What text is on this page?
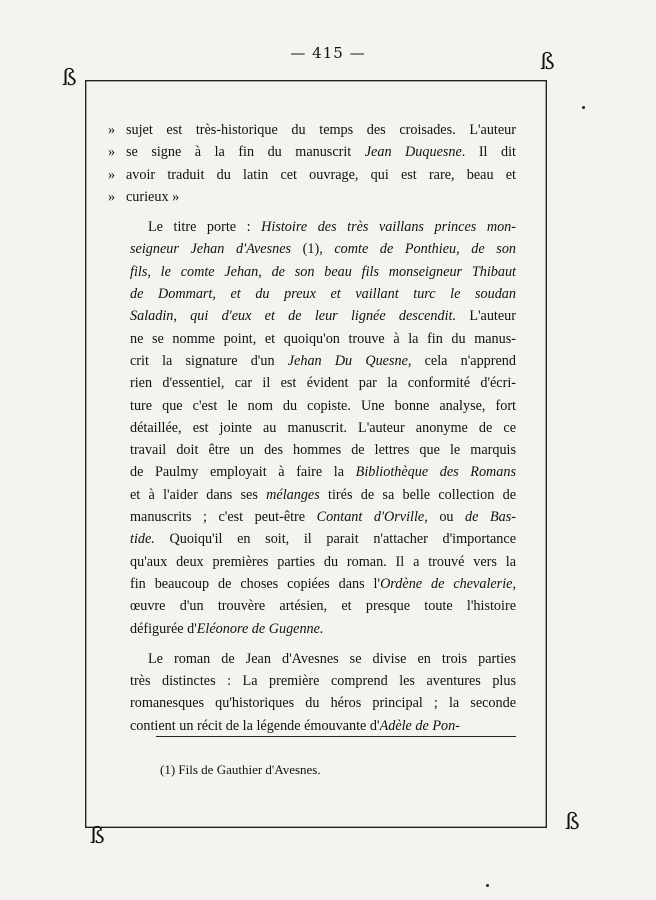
— 415 —
ß
ß
ß
ß
» sujet est très-historique du temps des croisades. L'auteur
» se signe à la fin du manuscrit Jean Duquesne. Il dit
» avoir traduit du latin cet ouvrage, qui est rare, beau et
» curieux »
Le titre porte : Histoire des très vaillans princes mon-
seigneur Jehan d'Avesnes (1), comte de Ponthieu, de son
fils, le comte Jehan, de son beau fils monseigneur Thibaut
de Dommart, et du preux et vaillant turc le soudan
Saladin, qui d'eux et de leur lignée descendit. L'auteur
ne se nomme point, et quoiqu'on trouve à la fin du manus-
crit la signature d'un Jehan Du Quesne, cela n'apprend
rien d'essentiel, car il est évident par la conformité d'écri-
ture que c'est le nom du copiste. Une bonne analyse, fort
détaillée, est jointe au manuscrit. L'auteur anonyme de ce
travail doit être un des hommes de lettres que le marquis
de Paulmy employait à faire la Bibliothèque des Romans
et à l'aider dans ses mélanges tirés de sa belle collection de
manuscrits ; c'est peut-être Contant d'Orville, ou de Bas-
tide. Quoiqu'il en soit, il parait n'attacher d'importance
qu'aux deux premières parties du roman. Il a trouvé vers la
fin beaucoup de choses copiées dans l'Ordène de chevalerie,
œuvre d'un trouvère artésien, et presque toute l'histoire
défigurée d'Eléonore de Gugenne.
Le roman de Jean d'Avesnes se divise en trois parties
très distinctes : La première comprend les aventures plus
romanesques qu'historiques du héros principal ; la seconde
contient un récit de la légende émouvante d'Adèle de Pon-
(1) Fils de Gauthier d'Avesnes.
